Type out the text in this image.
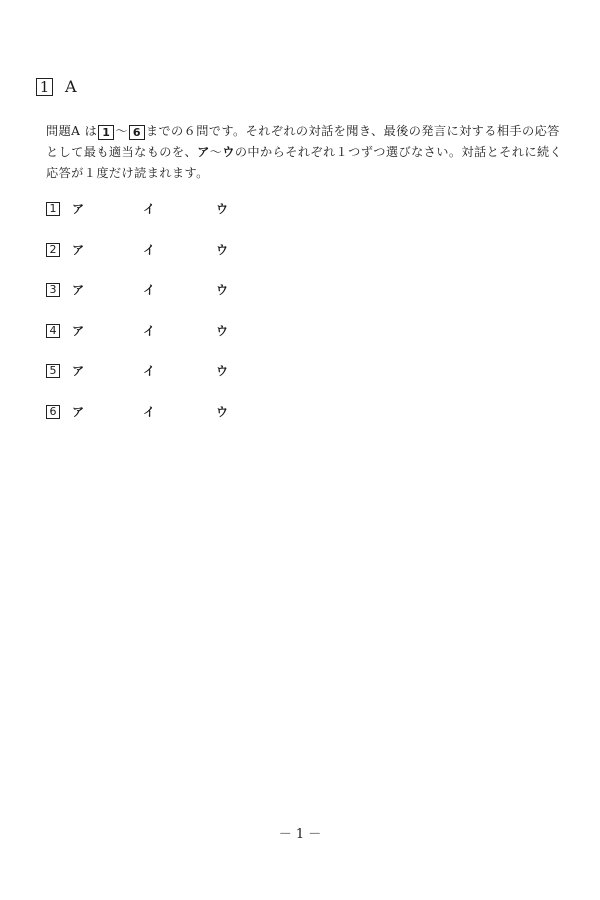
1 A
問題A は 1 〜 6 までの６問です。それぞれの対話を聞き、最後の発言に対する相手の応答として最も適当なものを、ア〜ウの中からそれぞれ１つずつ選びなさい。対話とそれに続く応答が１度だけ読まれます。
1 ア	イ	ウ
2 ア	イ	ウ
3 ア	イ	ウ
4 ア	イ	ウ
5 ア	イ	ウ
6 ア	イ	ウ
－ 1 －
